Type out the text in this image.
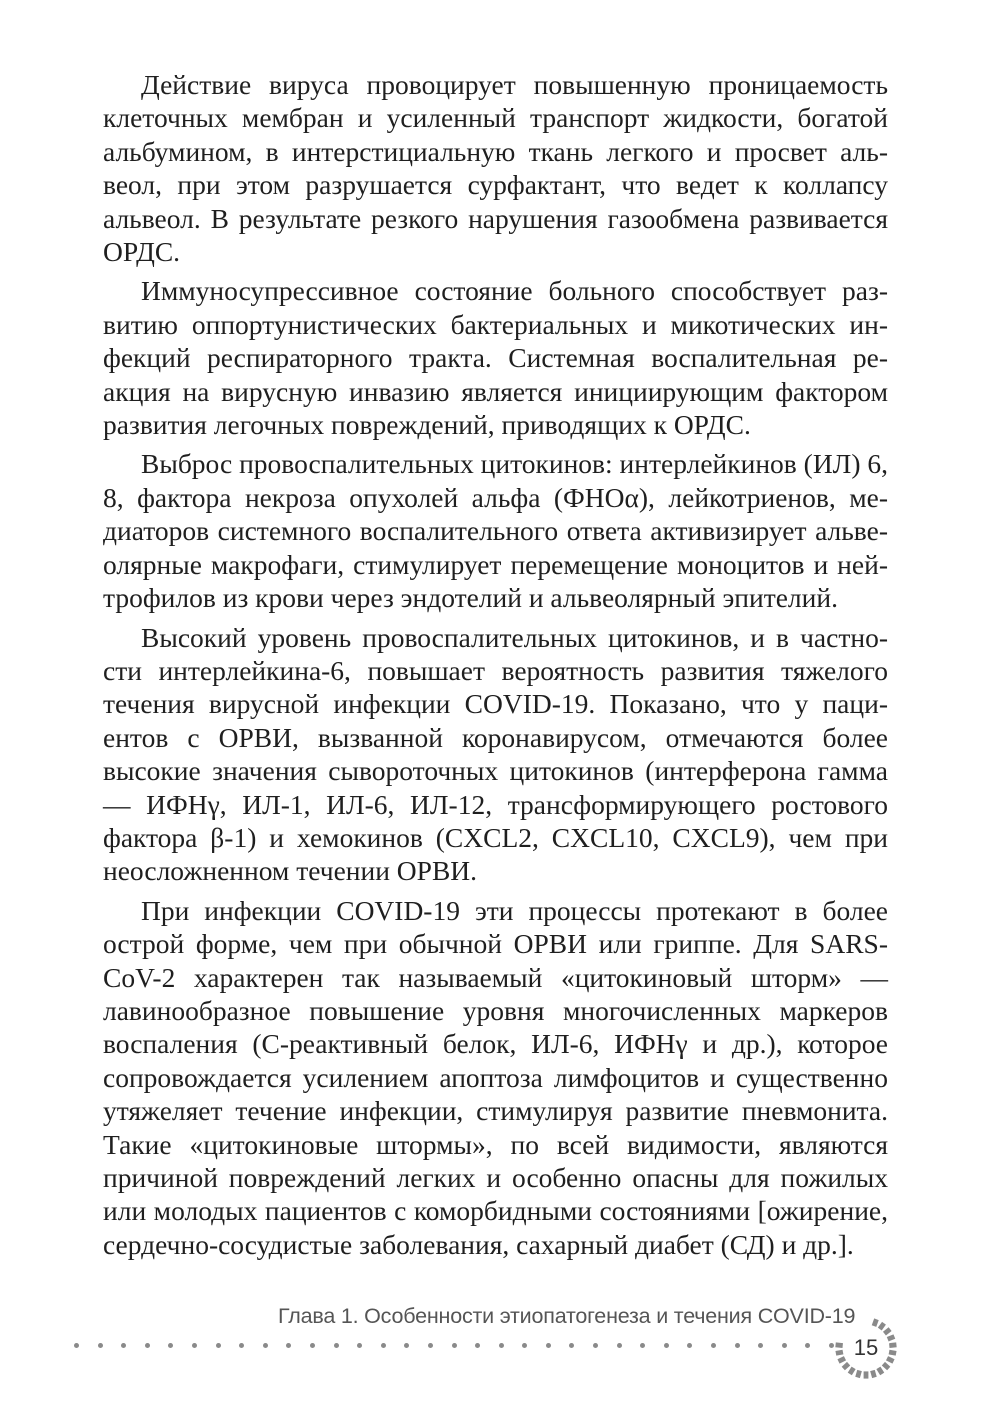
Действие вируса провоцирует повышенную проницаемость клеточных мембран и усиленный транспорт жидкости, богатой альбумином, в интерстициальную ткань легкого и просвет альвеол, при этом разрушается сурфактант, что ведет к коллапсу альвеол. В результате резкого нарушения газообмена развивается ОРДС.

Иммуносупрессивное состояние больного способствует развитию оппортунистических бактериальных и микотических инфекций респираторного тракта. Системная воспалительная реакция на вирусную инвазию является инициирующим фактором развития легочных повреждений, приводящих к ОРДС.

Выброс провоспалительных цитокинов: интерлейкинов (ИЛ) 6, 8, фактора некроза опухолей альфа (ФНОα), лейкотриенов, медиаторов системного воспалительного ответа активизирует альвеолярные макрофаги, стимулирует перемещение моноцитов и нейтрофилов из крови через эндотелий и альвеолярный эпителий.

Высокий уровень провоспалительных цитокинов, и в частности интерлейкина-6, повышает вероятность развития тяжелого течения вирусной инфекции COVID-19. Показано, что у пациентов с ОРВИ, вызванной коронавирусом, отмечаются более высокие значения сывороточных цитокинов (интерферона гамма — ИФНγ, ИЛ-1, ИЛ-6, ИЛ-12, трансформирующего ростового фактора β-1) и хемокинов (CXCL2, CXCL10, CXCL9), чем при неосложненном течении ОРВИ.

При инфекции COVID-19 эти процессы протекают в более острой форме, чем при обычной ОРВИ или гриппе. Для SARS-CoV-2 характерен так называемый «цитокиновый шторм» — лавинообразное повышение уровня многочисленных маркеров воспаления (С-реактивный белок, ИЛ-6, ИФНγ и др.), которое сопровождается усилением апоптоза лимфоцитов и существенно утяжеляет течение инфекции, стимулируя развитие пневмонита. Такие «цитокиновые штормы», по всей видимости, являются причиной повреждений легких и особенно опасны для пожилых или молодых пациентов с коморбидными состояниями [ожирение, сердечно-сосудистые заболевания, сахарный диабет (СД) и др.].

Глава 1. Особенности этиопатогенеза и течения COVID-19
15
